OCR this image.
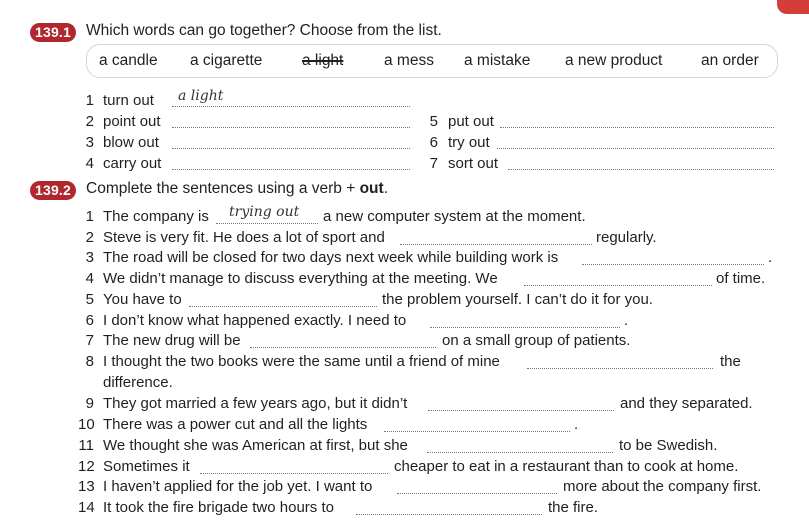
139.1 Which words can go together? Choose from the list.
a candle a cigarette	a light	a mess a mistake a new product an order
1 turn out a light
2 point out
3 blow out
4 carry out
5 put out
6 try out
7 sort out
139.2 Complete the sentences using a verb + out.
1 The company is trying out a new computer system at the moment.
2 Steve is very fit. He does a lot of sport and	regularly.
3 The road will be closed for two days next week while building work is	.
4 We didn’t manage to discuss everything at the meeting. We	of time.
5 You have to	the problem yourself. I can’t do it for you.
6 I don’t know what happened exactly. I need to	.
7 The new drug will be	on a small group of patients.
8 I thought the two books were the same until a friend of mine	the
difference.
9 They got married a few years ago, but it didn’t	and they separated.
10 There was a power cut and all the lights	.
11 We thought she was American at first, but she	to be Swedish.
12 Sometimes it	cheaper to eat in a restaurant than to cook at home.
13 I haven’t applied for the job yet. I want to	more about the company first.
14 It took the fire brigade two hours to	the fire.
